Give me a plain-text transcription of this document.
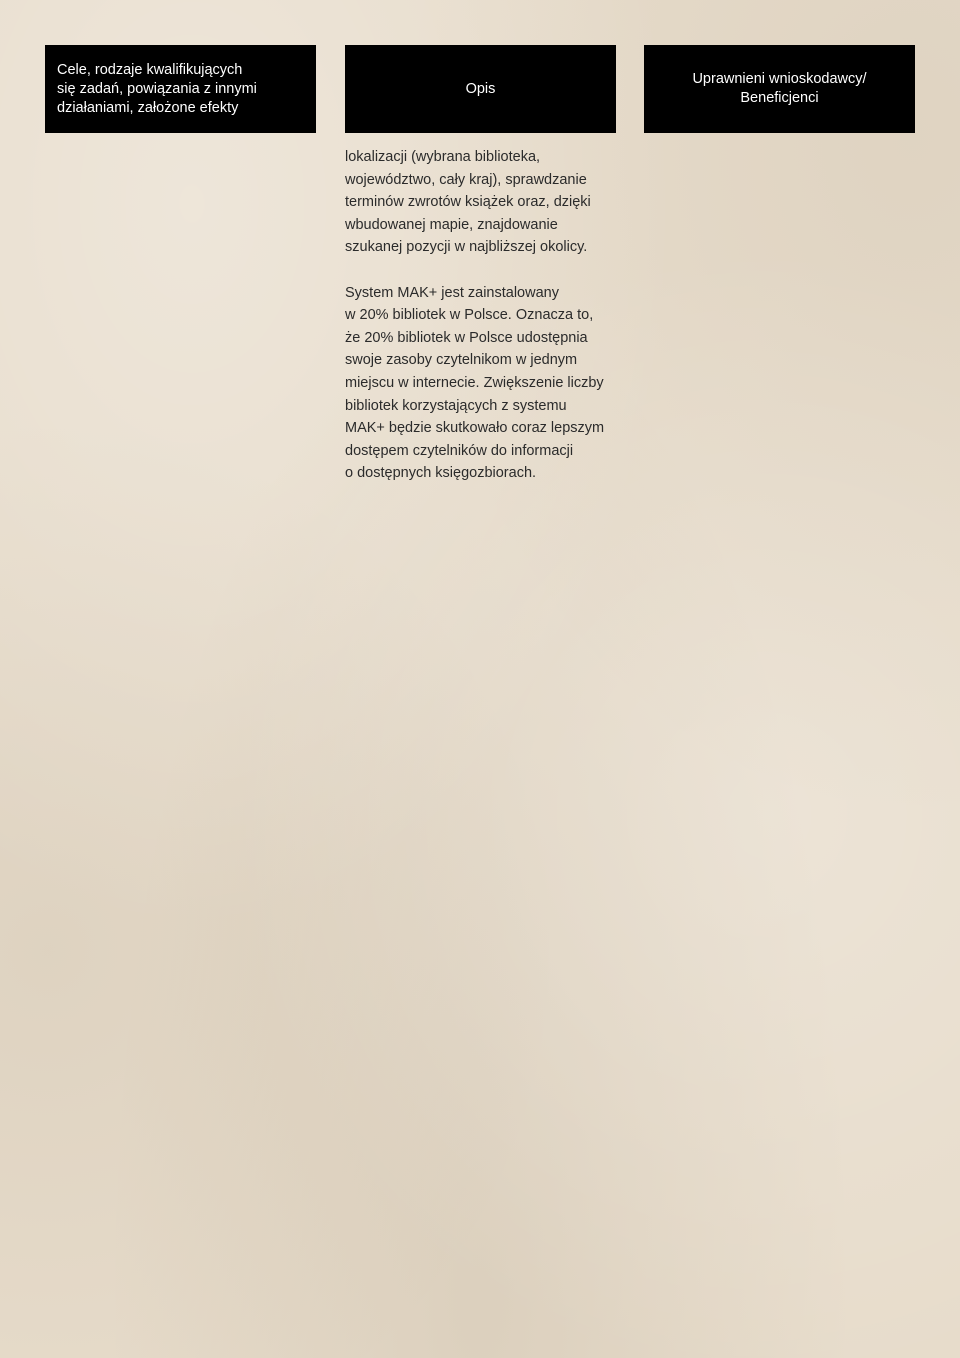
Cele, rodzaje kwalifikujących
się zadań, powiązania z innymi
działaniami, założone efekty
Opis
Uprawnieni wnioskodawcy/
Beneficjenci

lokalizacji (wybrana biblioteka,
województwo, cały kraj), sprawdzanie
terminów zwrotów książek oraz, dzięki
wbudowanej mapie, znajdowanie
szukanej pozycji w najbliższej okolicy.

System MAK+ jest zainstalowany
w 20% bibliotek w Polsce. Oznacza to,
że 20% bibliotek w Polsce udostępnia
swoje zasoby czytelnikom w jednym
miejscu w internecie. Zwiększenie liczby
bibliotek korzystających z systemu
MAK+ będzie skutkowało coraz lepszym
dostępem czytelników do informacji
o dostępnych księgozbiorach.
